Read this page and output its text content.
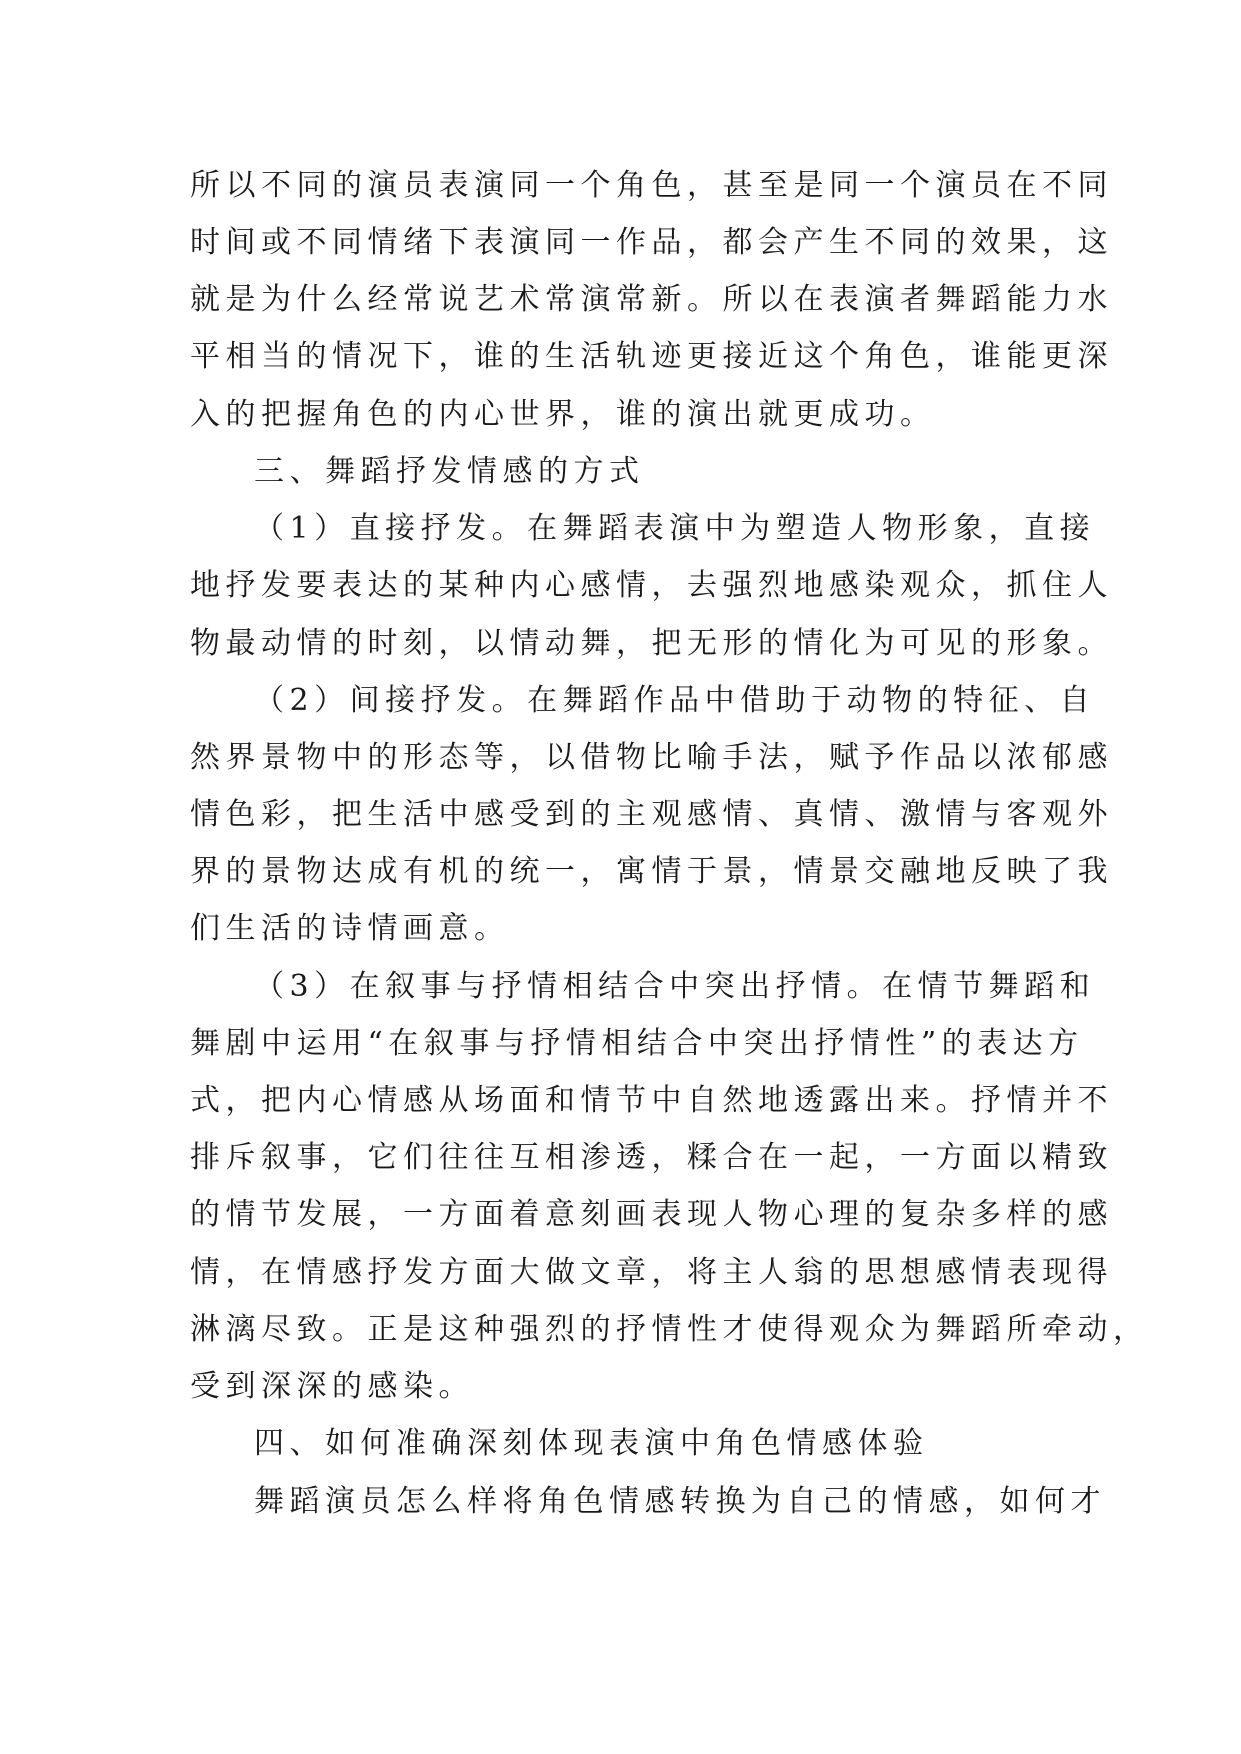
所以不同的演员表演同一个角色，甚至是同一个演员在不同
时间或不同情绪下表演同一作品，都会产生不同的效果，这
就是为什么经常说艺术常演常新。所以在表演者舞蹈能力水
平相当的情况下，谁的生活轨迹更接近这个角色，谁能更深
入的把握角色的内心世界，谁的演出就更成功。
三、舞蹈抒发情感的方式
（1）直接抒发。在舞蹈表演中为塑造人物形象，直接
地抒发要表达的某种内心感情，去强烈地感染观众，抓住人
物最动情的时刻，以情动舞，把无形的情化为可见的形象。
（2）间接抒发。在舞蹈作品中借助于动物的特征、自
然界景物中的形态等，以借物比喻手法，赋予作品以浓郁感
情色彩，把生活中感受到的主观感情、真情、激情与客观外
界的景物达成有机的统一，寓情于景，情景交融地反映了我
们生活的诗情画意。
（3）在叙事与抒情相结合中突出抒情。在情节舞蹈和
舞剧中运用“在叙事与抒情相结合中突出抒情性”的表达方
式，把内心情感从场面和情节中自然地透露出来。抒情并不
排斥叙事，它们往往互相渗透，糅合在一起，一方面以精致
的情节发展，一方面着意刻画表现人物心理的复杂多样的感
情，在情感抒发方面大做文章，将主人翁的思想感情表现得
淋漓尽致。正是这种强烈的抒情性才使得观众为舞蹈所牵动，
受到深深的感染。
四、如何准确深刻体现表演中角色情感体验
舞蹈演员怎么样将角色情感转换为自己的情感，如何才
